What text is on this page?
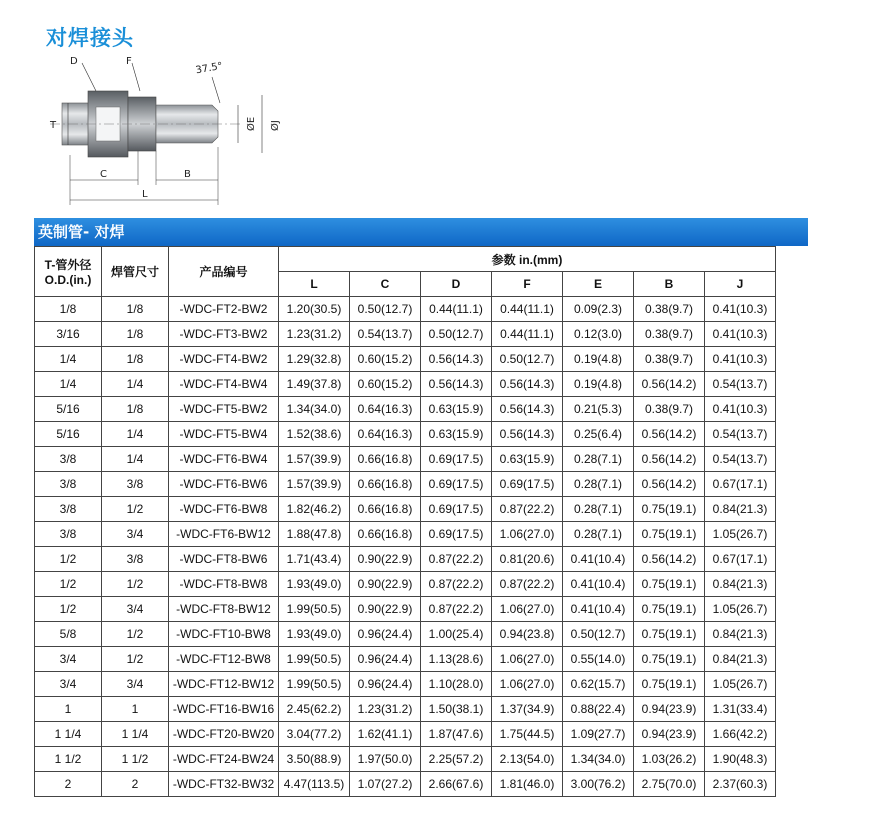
对焊接头
D	F	37.5°
T	ØE ØJ
C	B
L
英制管- 对焊
T-管外径
O.D.(in.)	焊管尺寸	产品编号	参数 in.(mm)						
			L	C	D	F	E	B	J
1/8	1/8	-WDC-FT2-BW2	1.20(30.5)	0.50(12.7)	0.44(11.1)	0.44(11.1)	0.09(2.3)	0.38(9.7)	0.41(10.3)
3/16	1/8	-WDC-FT3-BW2	1.23(31.2)	0.54(13.7)	0.50(12.7)	0.44(11.1)	0.12(3.0)	0.38(9.7)	0.41(10.3)
1/4	1/8	-WDC-FT4-BW2	1.29(32.8)	0.60(15.2)	0.56(14.3)	0.50(12.7)	0.19(4.8)	0.38(9.7)	0.41(10.3)
1/4	1/4	-WDC-FT4-BW4	1.49(37.8)	0.60(15.2)	0.56(14.3)	0.56(14.3)	0.19(4.8)	0.56(14.2)	0.54(13.7)
5/16	1/8	-WDC-FT5-BW2	1.34(34.0)	0.64(16.3)	0.63(15.9)	0.56(14.3)	0.21(5.3)	0.38(9.7)	0.41(10.3)
5/16	1/4	-WDC-FT5-BW4	1.52(38.6)	0.64(16.3)	0.63(15.9)	0.56(14.3)	0.25(6.4)	0.56(14.2)	0.54(13.7)
3/8	1/4	-WDC-FT6-BW4	1.57(39.9)	0.66(16.8)	0.69(17.5)	0.63(15.9)	0.28(7.1)	0.56(14.2)	0.54(13.7)
3/8	3/8	-WDC-FT6-BW6	1.57(39.9)	0.66(16.8)	0.69(17.5)	0.69(17.5)	0.28(7.1)	0.56(14.2)	0.67(17.1)
3/8	1/2	-WDC-FT6-BW8	1.82(46.2)	0.66(16.8)	0.69(17.5)	0.87(22.2)	0.28(7.1)	0.75(19.1)	0.84(21.3)
3/8	3/4	-WDC-FT6-BW12	1.88(47.8)	0.66(16.8)	0.69(17.5)	1.06(27.0)	0.28(7.1)	0.75(19.1)	1.05(26.7)
1/2	3/8	-WDC-FT8-BW6	1.71(43.4)	0.90(22.9)	0.87(22.2)	0.81(20.6)	0.41(10.4)	0.56(14.2)	0.67(17.1)
1/2	1/2	-WDC-FT8-BW8	1.93(49.0)	0.90(22.9)	0.87(22.2)	0.87(22.2)	0.41(10.4)	0.75(19.1)	0.84(21.3)
1/2	3/4	-WDC-FT8-BW12	1.99(50.5)	0.90(22.9)	0.87(22.2)	1.06(27.0)	0.41(10.4)	0.75(19.1)	1.05(26.7)
5/8	1/2	-WDC-FT10-BW8	1.93(49.0)	0.96(24.4)	1.00(25.4)	0.94(23.8)	0.50(12.7)	0.75(19.1)	0.84(21.3)
3/4	1/2	-WDC-FT12-BW8	1.99(50.5)	0.96(24.4)	1.13(28.6)	1.06(27.0)	0.55(14.0)	0.75(19.1)	0.84(21.3)
3/4	3/4	-WDC-FT12-BW12	1.99(50.5)	0.96(24.4)	1.10(28.0)	1.06(27.0)	0.62(15.7)	0.75(19.1)	1.05(26.7)
1	1	-WDC-FT16-BW16	2.45(62.2)	1.23(31.2)	1.50(38.1)	1.37(34.9)	0.88(22.4)	0.94(23.9)	1.31(33.4)
1 1/4	1 1/4	-WDC-FT20-BW20	3.04(77.2)	1.62(41.1)	1.87(47.6)	1.75(44.5)	1.09(27.7)	0.94(23.9)	1.66(42.2)
1 1/2	1 1/2	-WDC-FT24-BW24	3.50(88.9)	1.97(50.0)	2.25(57.2)	2.13(54.0)	1.34(34.0)	1.03(26.2)	1.90(48.3)
2	2	-WDC-FT32-BW32	4.47(113.5)	1.07(27.2)	2.66(67.6)	1.81(46.0)	3.00(76.2)	2.75(70.0)	2.37(60.3)
